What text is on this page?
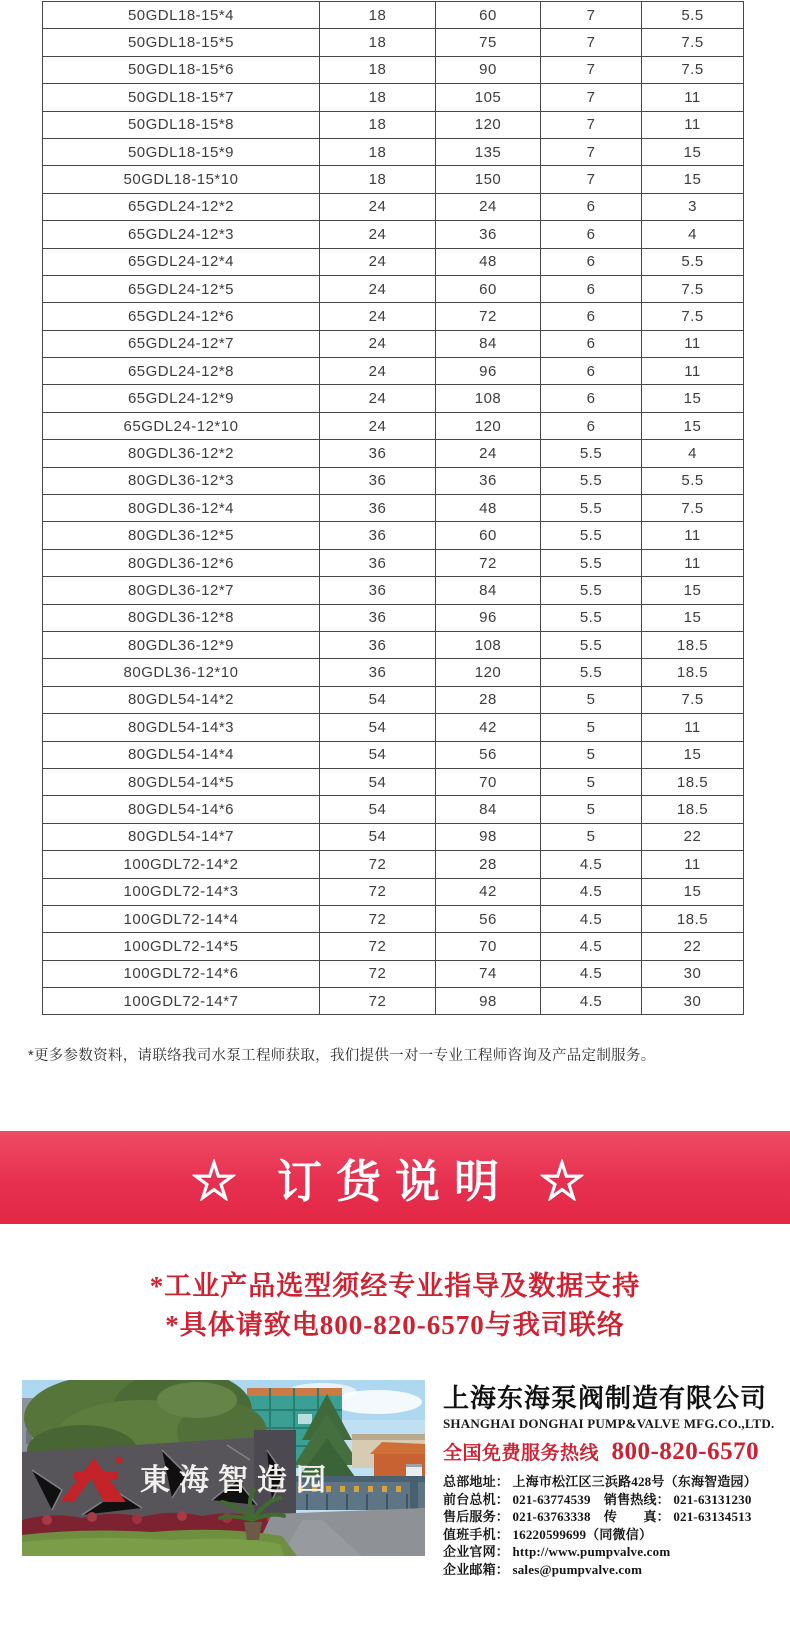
50GDL18-15*4	18	60	7	5.5
50GDL18-15*5	18	75	7	7.5
50GDL18-15*6	18	90	7	7.5
50GDL18-15*7	18	105	7	11
50GDL18-15*8	18	120	7	11
50GDL18-15*9	18	135	7	15
50GDL18-15*10	18	150	7	15
65GDL24-12*2	24	24	6	3
65GDL24-12*3	24	36	6	4
65GDL24-12*4	24	48	6	5.5
65GDL24-12*5	24	60	6	7.5
65GDL24-12*6	24	72	6	7.5
65GDL24-12*7	24	84	6	11
65GDL24-12*8	24	96	6	11
65GDL24-12*9	24	108	6	15
65GDL24-12*10	24	120	6	15
80GDL36-12*2	36	24	5.5	4
80GDL36-12*3	36	36	5.5	5.5
80GDL36-12*4	36	48	5.5	7.5
80GDL36-12*5	36	60	5.5	11
80GDL36-12*6	36	72	5.5	11
80GDL36-12*7	36	84	5.5	15
80GDL36-12*8	36	96	5.5	15
80GDL36-12*9	36	108	5.5	18.5
80GDL36-12*10	36	120	5.5	18.5
80GDL54-14*2	54	28	5	7.5
80GDL54-14*3	54	42	5	11
80GDL54-14*4	54	56	5	15
80GDL54-14*5	54	70	5	18.5
80GDL54-14*6	54	84	5	18.5
80GDL54-14*7	54	98	5	22
100GDL72-14*2	72	28	4.5	11
100GDL72-14*3	72	42	4.5	15
100GDL72-14*4	72	56	4.5	18.5
100GDL72-14*5	72	70	4.5	22
100GDL72-14*6	72	74	4.5	30
100GDL72-14*7	72	98	4.5	30
*更多参数资料，请联络我司水泵工程师获取，我们提供一对一专业工程师咨询及产品定制服务。
☆ 订货说明 ☆
*工业产品选型须经专业指导及数据支持
*具体请致电800-820-6570与我司联络
東海智造园
上海东海泵阀制造有限公司
SHANGHAI DONGHAI PUMP&VALVE MFG.CO.,LTD.
全国免费服务热线 800-820-6570
总部地址： 上海市松江区三浜路428号（东海智造园）
前台总机： 021-63774539　销售热线： 021-63131230
售后服务： 021-63763338　传　　真： 021-63134513
值班手机： 16220599699（同微信）
企业官网： http://www.pumpvalve.com
企业邮箱： sales@pumpvalve.com
